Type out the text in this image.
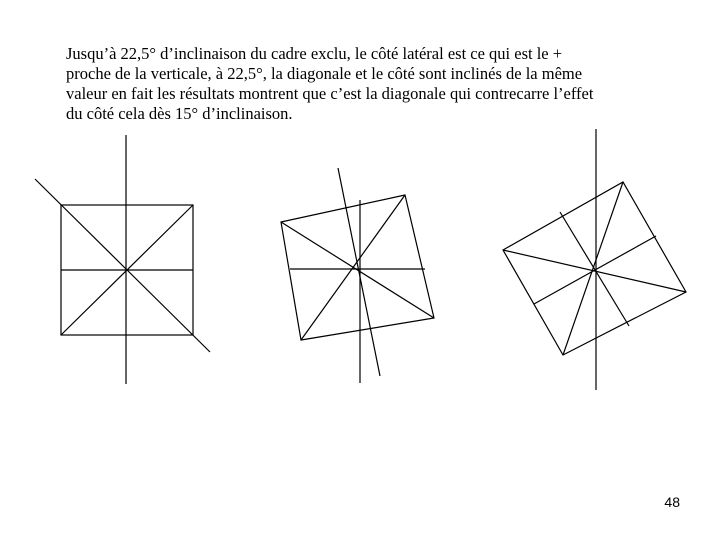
Jusqu’à 22,5° d’inclinaison du cadre exclu, le côté latéral est ce qui est le +

proche de la verticale, à 22,5°, la diagonale et le côté sont inclinés de la même

valeur en fait les résultats montrent que c’est la diagonale qui contrecarre l’effet

du côté cela dès 15° d’inclinaison.

48
